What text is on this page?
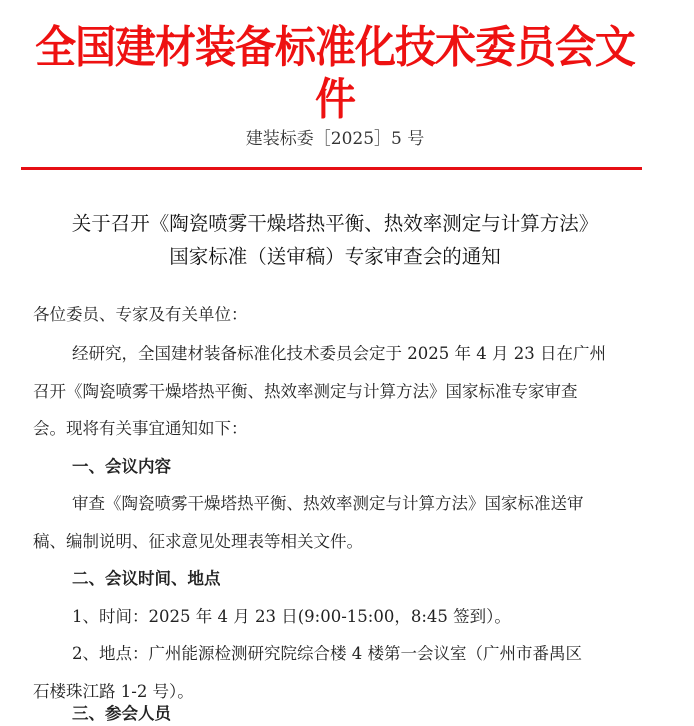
全国建材装备标准化技术委员会文件
建装标委［2025］5 号
关于召开《陶瓷喷雾干燥塔热平衡、热效率测定与计算方法》
国家标准（送审稿）专家审查会的通知
各位委员、专家及有关单位：
经研究，全国建材装备标准化技术委员会定于 2025 年 4 月 23 日在广州
召开《陶瓷喷雾干燥塔热平衡、热效率测定与计算方法》国家标准专家审查
会。现将有关事宜通知如下：
一、会议内容
审查《陶瓷喷雾干燥塔热平衡、热效率测定与计算方法》国家标准送审
稿、编制说明、征求意见处理表等相关文件。
二、会议时间、地点
1、时间：2025 年 4 月 23 日(9:00-15:00，8:45 签到）。
2、地点：广州能源检测研究院综合楼 4 楼第一会议室（广州市番禺区
石楼珠江路 1-2 号）。
三、参会人员
